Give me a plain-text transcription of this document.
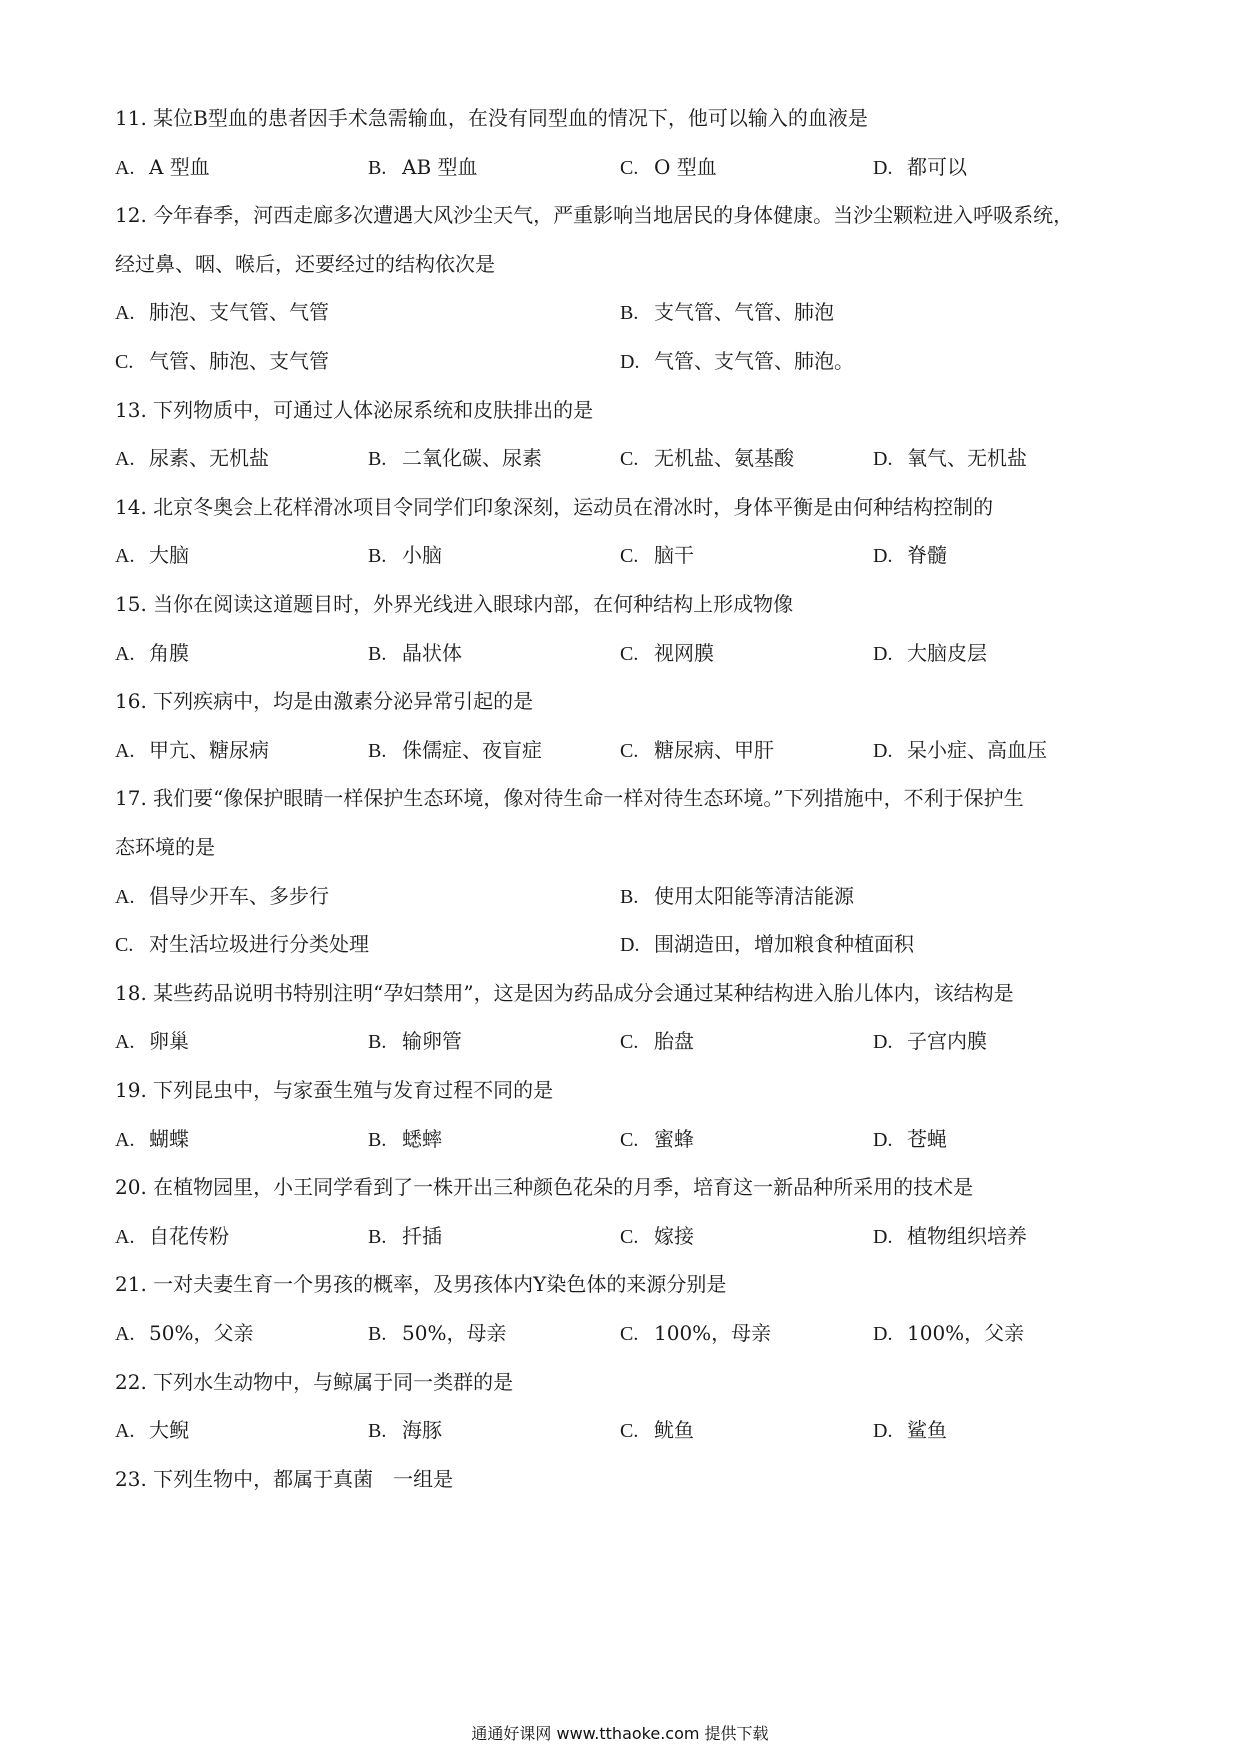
11. 某位B型血的患者因手术急需输血，在没有同型血的情况下，他可以输入的血液是
A. A 型血	B. AB 型血	C. O 型血	D. 都可以
12. 今年春季，河西走廊多次遭遇大风沙尘天气，严重影响当地居民的身体健康。当沙尘颗粒进入呼吸系统，
经过鼻、咽、喉后，还要经过的结构依次是
A. 肺泡、支气管、气管	B. 支气管、气管、肺泡
C. 气管、肺泡、支气管	D. 气管、支气管、肺泡。
13. 下列物质中，可通过人体泌尿系统和皮肤排出的是
A. 尿素、无机盐	B. 二氧化碳、尿素	C. 无机盐、氨基酸	D. 氧气、无机盐
14. 北京冬奥会上花样滑冰项目令同学们印象深刻，运动员在滑冰时，身体平衡是由何种结构控制的
A. 大脑	B. 小脑	C. 脑干	D. 脊髓
15. 当你在阅读这道题目时，外界光线进入眼球内部，在何种结构上形成物像
A. 角膜	B. 晶状体	C. 视网膜	D. 大脑皮层
16. 下列疾病中，均是由激素分泌异常引起的是
A. 甲亢、糖尿病	B. 侏儒症、夜盲症	C. 糖尿病、甲肝	D. 呆小症、高血压
17. 我们要“像保护眼睛一样保护生态环境，像对待生命一样对待生态环境。”下列措施中，不利于保护生
态环境的是
A. 倡导少开车、多步行	B. 使用太阳能等清洁能源
C. 对生活垃圾进行分类处理	D. 围湖造田，增加粮食种植面积
18. 某些药品说明书特别注明“孕妇禁用”，这是因为药品成分会通过某种结构进入胎儿体内，该结构是
A. 卵巢	B. 输卵管	C. 胎盘	D. 子宫内膜
19. 下列昆虫中，与家蚕生殖与发育过程不同的是
A. 蝴蝶	B. 蟋蟀	C. 蜜蜂	D. 苍蝇
20. 在植物园里，小王同学看到了一株开出三种颜色花朵的月季，培育这一新品种所采用的技术是
A. 自花传粉	B. 扦插	C. 嫁接	D. 植物组织培养
21. 一对夫妻生育一个男孩的概率，及男孩体内Y染色体的来源分别是
A. 50%，父亲	B. 50%，母亲	C. 100%，母亲	D. 100%，父亲
22. 下列水生动物中，与鲸属于同一类群的是
A. 大鲵	B. 海豚	C. 鱿鱼	D. 鲨鱼
23. 下列生物中，都属于真菌　一组是
通通好课网 www.tthaoke.com 提供下载
